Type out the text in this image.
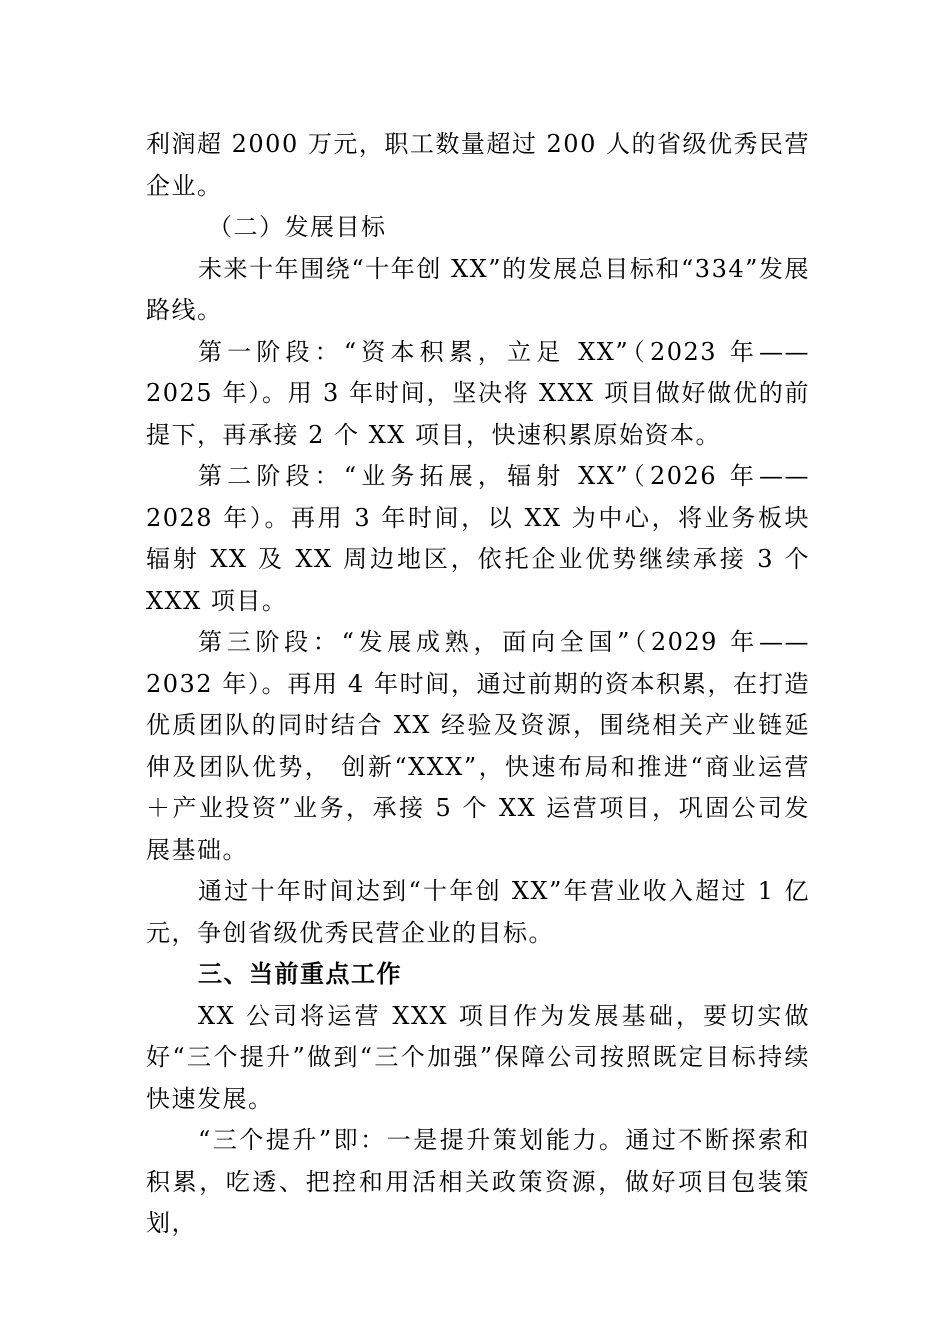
利润超 2000 万元，职工数量超过 200 人的省级优秀民营企业。

（二）发展目标

未来十年围绕“十年创 XX”的发展总目标和“334”发展路线。

第一阶段：“资本积累，立足 XX”（2023 年——2025 年）。用 3 年时间，坚决将 XXX 项目做好做优的前提下，再承接 2 个 XX 项目，快速积累原始资本。

第二阶段：“业务拓展，辐射 XX”（2026 年——2028 年）。再用 3 年时间，以 XX 为中心，将业务板块辐射 XX 及 XX 周边地区，依托企业优势继续承接 3 个 XXX 项目。

第三阶段：“发展成熟，面向全国”（2029 年——2032 年）。再用 4 年时间，通过前期的资本积累，在打造优质团队的同时结合 XX 经验及资源，围绕相关产业链延伸及团队优势， 创新“XXX”，快速布局和推进“商业运营＋产业投资”业务，承接 5 个 XX 运营项目，巩固公司发展基础。

通过十年时间达到“十年创 XX”年营业收入超过 1 亿元，争创省级优秀民营企业的目标。

三、当前重点工作

XX 公司将运营 XXX 项目作为发展基础，要切实做好“三个提升”做到“三个加强”保障公司按照既定目标持续快速发展。

“三个提升”即：一是提升策划能力。通过不断探索和积累，吃透、把控和用活相关政策资源，做好项目包装策划，
